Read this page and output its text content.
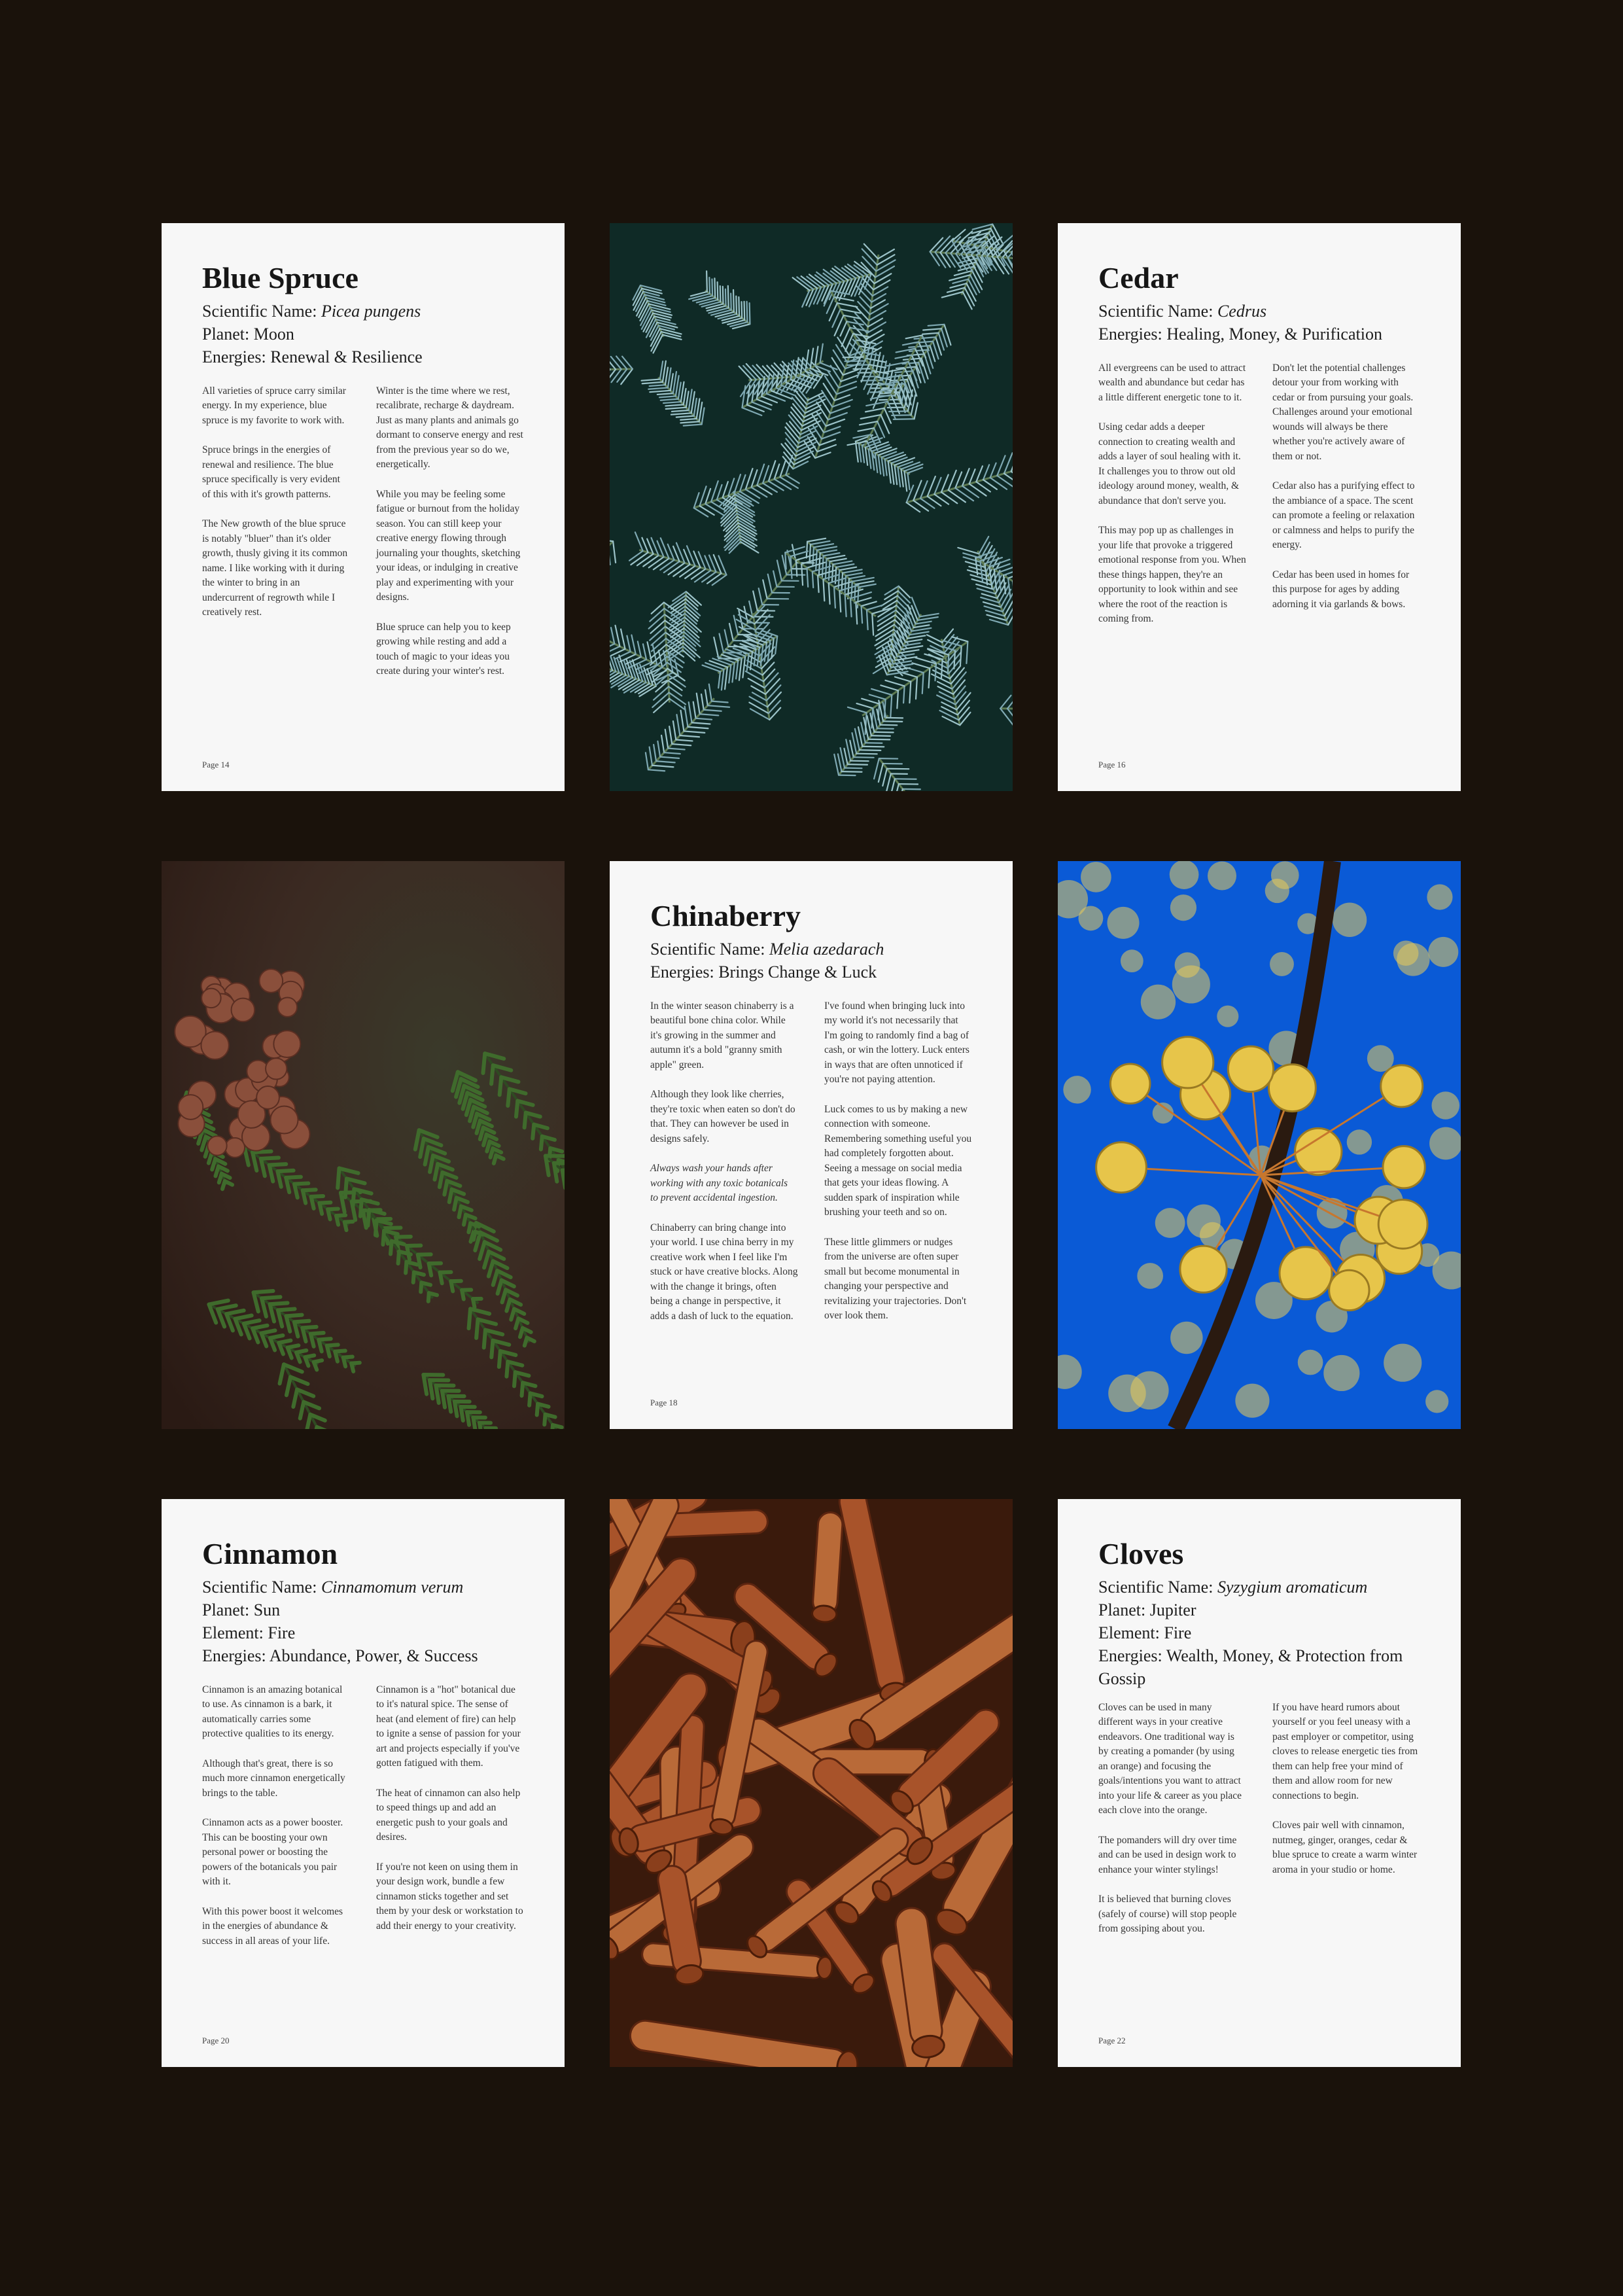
Blue Spruce

Scientific Name: Picea pungens

Planet: Moon

Energies: Renewal & Resilience

All varieties of spruce carry similar energy. In my experience, blue spruce is my favorite to work with.

Spruce brings in the energies of renewal and resilience. The blue spruce specifically is very evident of this with it's growth patterns.

The New growth of the blue spruce is notably "bluer" than it's older growth, thusly giving it its common name. I like working with it during the winter to bring in an undercurrent of regrowth while I creatively rest.

Winter is the time where we rest, recalibrate, recharge & daydream. Just as many plants and animals go dormant to conserve energy and rest from the previous year so do we, energetically.

While you may be feeling some fatigue or burnout from the holiday season. You can still keep your creative energy flowing through journaling your thoughts, sketching your ideas, or indulging in creative play and experimenting with your designs.

Blue spruce can help you to keep growing while resting and add a touch of magic to your ideas you create during your winter's rest.

Page 14
Cedar

Scientific Name: Cedrus

Energies: Healing, Money, & Purification

All evergreens can be used to attract wealth and abundance but cedar has a little different energetic tone to it.

Using cedar adds a deeper connection to creating wealth and adds a layer of soul healing with it. It challenges you to throw out old ideology around money, wealth, & abundance that don't serve you.

This may pop up as challenges in your life that provoke a triggered emotional response from you. When these things happen, they're an opportunity to look within and see where the root of the reaction is coming from.

Don't let the potential challenges detour your from working with cedar or from pursuing your goals. Challenges around your emotional wounds will always be there whether you're actively aware of them or not.

Cedar also has a purifying effect to the ambiance of a space. The scent can promote a feeling or relaxation or calmness and helps to purify the energy.

Cedar has been used in homes for this purpose for ages by adding adorning it via garlands & bows.

Page 16
Chinaberry

Scientific Name: Melia azedarach

Energies: Brings Change & Luck

In the winter season chinaberry is a beautiful bone china color. While it's growing in the summer and autumn it's a bold "granny smith apple" green.

Although they look like cherries, they're toxic when eaten so don't do that. They can however be used in designs safely.

Always wash your hands after working with any toxic botanicals to prevent accidental ingestion.

Chinaberry can bring change into your world. I use china berry in my creative work when I feel like I'm stuck or have creative blocks. Along with the change it brings, often being a change in perspective, it adds a dash of luck to the equation.

I've found when bringing luck into my world it's not necessarily that I'm going to randomly find a bag of cash, or win the lottery. Luck enters in ways that are often unnoticed if you're not paying attention.

Luck comes to us by making a new connection with someone. Remembering something useful you had completely forgotten about. Seeing a message on social media that gets your ideas flowing. A sudden spark of inspiration while brushing your teeth and so on.

These little glimmers or nudges from the universe are often super small but become monumental in changing your perspective and revitalizing your trajectories. Don't over look them.

Page 18
Cinnamon

Scientific Name: Cinnamomum verum

Planet: Sun

Element: Fire

Energies: Abundance, Power, & Success

Cinnamon is an amazing botanical to use. As cinnamon is a bark, it automatically carries some protective qualities to its energy.

Although that's great, there is so much more cinnamon energetically brings to the table.

Cinnamon acts as a power booster. This can be boosting your own personal power or boosting the powers of the botanicals you pair with it.

With this power boost it welcomes in the energies of abundance & success in all areas of your life.

Cinnamon is a "hot" botanical due to it's natural spice. The sense of heat (and element of fire) can help to ignite a sense of passion for your art and projects especially if you've gotten fatigued with them.

The heat of cinnamon can also help to speed things up and add an energetic push to your goals and desires.

If you're not keen on using them in your design work, bundle a few cinnamon sticks together and set them by your desk or workstation to add their energy to your creativity.

Page 20
Cloves

Scientific Name: Syzygium aromaticum

Planet: Jupiter

Element: Fire

Energies: Wealth, Money, & Protection from Gossip

Cloves can be used in many different ways in your creative endeavors. One traditional way is by creating a pomander (by using an orange) and focusing the goals/intentions you want to attract into your life & career as you place each clove into the orange.

The pomanders will dry over time and can be used in design work to enhance your winter stylings!

It is believed that burning cloves (safely of course) will stop people from gossiping about you.

If you have heard rumors about yourself or you feel uneasy with a past employer or competitor, using cloves to release energetic ties from them can help free your mind of them and allow room for new connections to begin.

Cloves pair well with cinnamon, nutmeg, ginger, oranges, cedar & blue spruce to create a warm winter aroma in your studio or home.

Page 22
